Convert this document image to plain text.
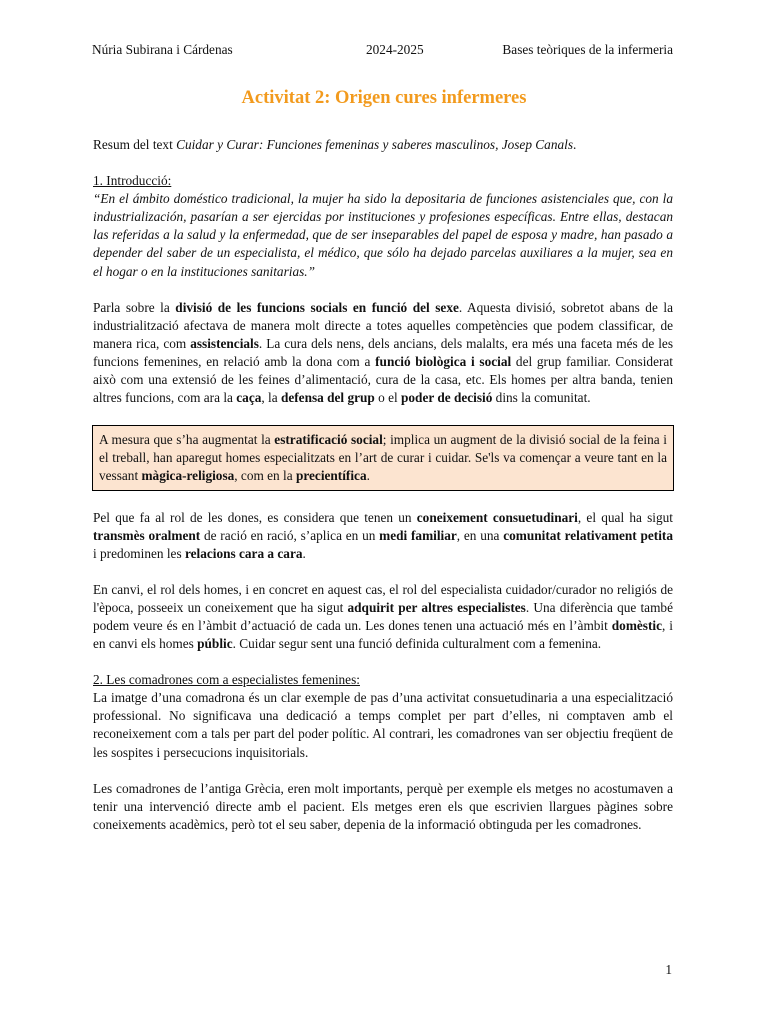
Núria Subirana i Cárdenas	2024-2025	Bases teòriques de la infermeria
Activitat 2: Origen cures infermeres

Resum del text Cuidar y Curar: Funciones femeninas y saberes masculinos, Josep Canals.

1. Introducció:

“En el ámbito doméstico tradicional, la mujer ha sido la depositaria de funciones asistenciales que, con la industrialización, pasarían a ser ejercidas por instituciones y profesiones específicas. Entre ellas, destacan las referidas a la salud y la enfermedad, que de ser inseparables del papel de esposa y madre, han pasado a depender del saber de un especialista, el médico, que sólo ha dejado parcelas auxiliares a la mujer, sea en el hogar o en la instituciones sanitarias.”

Parla sobre la divisió de les funcions socials en funció del sexe. Aquesta divisió, sobretot abans de la industrialització afectava de manera molt directe a totes aquelles competències que podem classificar, de manera rica, com assistencials. La cura dels nens, dels ancians, dels malalts, era més una faceta més de les funcions femenines, en relació amb la dona com a funció biològica i social del grup familiar. Considerat això com una extensió de les feines d’alimentació, cura de la casa, etc. Els homes per altra banda, tenien altres funcions, com ara la caça, la defensa del grup o el poder de decisió dins la comunitat.

A mesura que s’ha augmentat la estratificació social; implica un augment de la divisió social de la feina i el treball, han aparegut homes especialitzats en l’art de curar i cuidar. Se'ls va començar a veure tant en la vessant màgica-religiosa, com en la precientífica.

Pel que fa al rol de les dones, es considera que tenen un coneixement consuetudinari, el qual ha sigut transmès oralment de ració en ració, s’aplica en un medi familiar, en una comunitat relativament petita i predominen les relacions cara a cara.

En canvi, el rol dels homes, i en concret en aquest cas, el rol del especialista cuidador/curador no religiós de l'època, posseeix un coneixement que ha sigut adquirit per altres especialistes. Una diferència que també podem veure és en l’àmbit d’actuació de cada un. Les dones tenen una actuació més en l’àmbit domèstic, i en canvi els homes públic. Cuidar segur sent una funció definida culturalment com a femenina.

2. Les comadrones com a especialistes femenines:

La imatge d’una comadrona és un clar exemple de pas d’una activitat consuetudinaria a una especialització professional. No significava una dedicació a temps complet per part d’elles, ni comptaven amb el reconeixement com a tals per part del poder polític. Al contrari, les comadrones van ser objectiu freqüent de les sospites i persecucions inquisitorials.

Les comadrones de l’antiga Grècia, eren molt importants, perquè per exemple els metges no acostumaven a tenir una intervenció directe amb el pacient. Els metges eren els que escrivien llargues pàgines sobre coneixements acadèmics, però tot el seu saber, depenia de la informació obtinguda per les comadrones.

1
